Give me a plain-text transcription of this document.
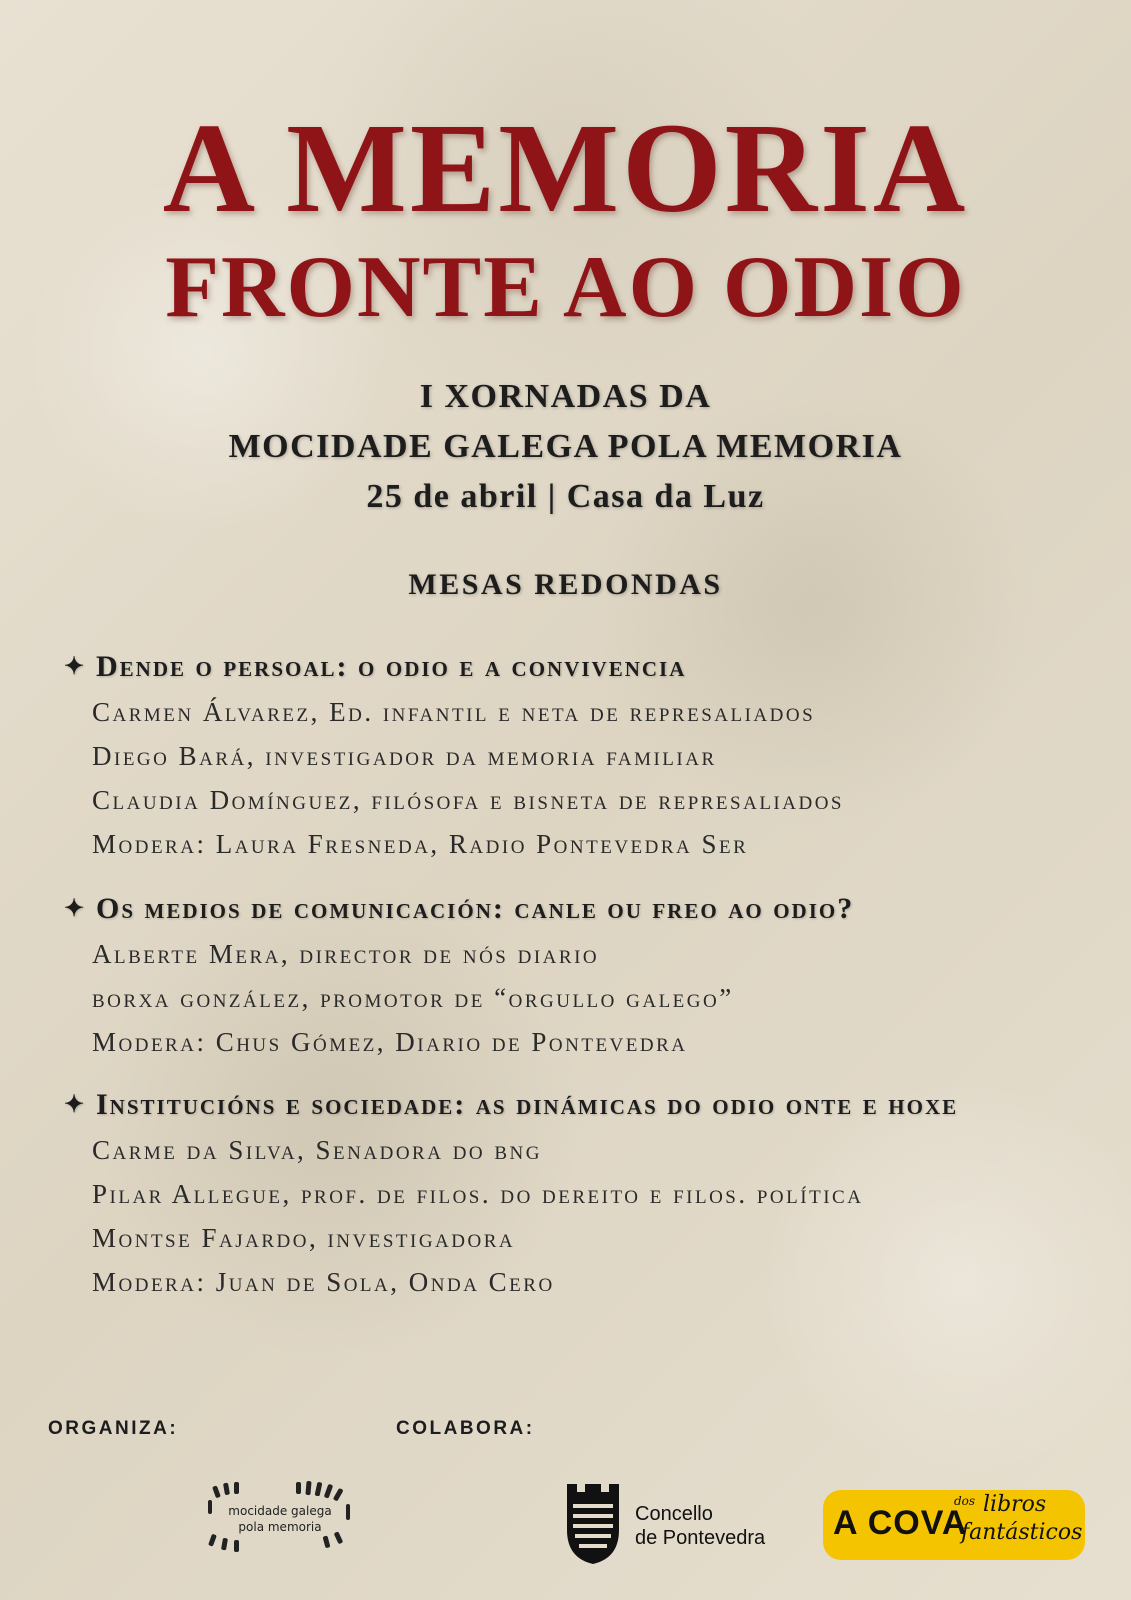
A MEMORIA
FRONTE AO ODIO

I XORNADAS DA

MOCIDADE GALEGA POLA MEMORIA

25 de abril | Casa da Luz

MESAS REDONDAS

✦ Dende o persoal: o odio e a convivencia

Carmen Álvarez, Ed. infantil e neta de represaliados

Diego Bará, investigador da memoria familiar

Claudia Domínguez, filósofa e bisneta de represaliados

Modera: Laura Fresneda, Radio Pontevedra Ser

✦ Os medios de comunicación: canle ou freo ao odio?

Alberte Mera, director de nós diario

borxa gonzález, promotor de “orgullo galego”

Modera: Chus Gómez, Diario de Pontevedra

✦ Institucións e sociedade: as dinámicas do odio onte e hoxe

Carme da Silva, Senadora do bng

Pilar Allegue, prof. de filos. do dereito e filos. política

Montse Fajardo, investigadora

Modera: Juan de Sola, Onda Cero

ORGANIZA:	COLABORA:

mocidade galega

pola memoria

Concello

de Pontevedra A COVA

dos libros

fantásticos
